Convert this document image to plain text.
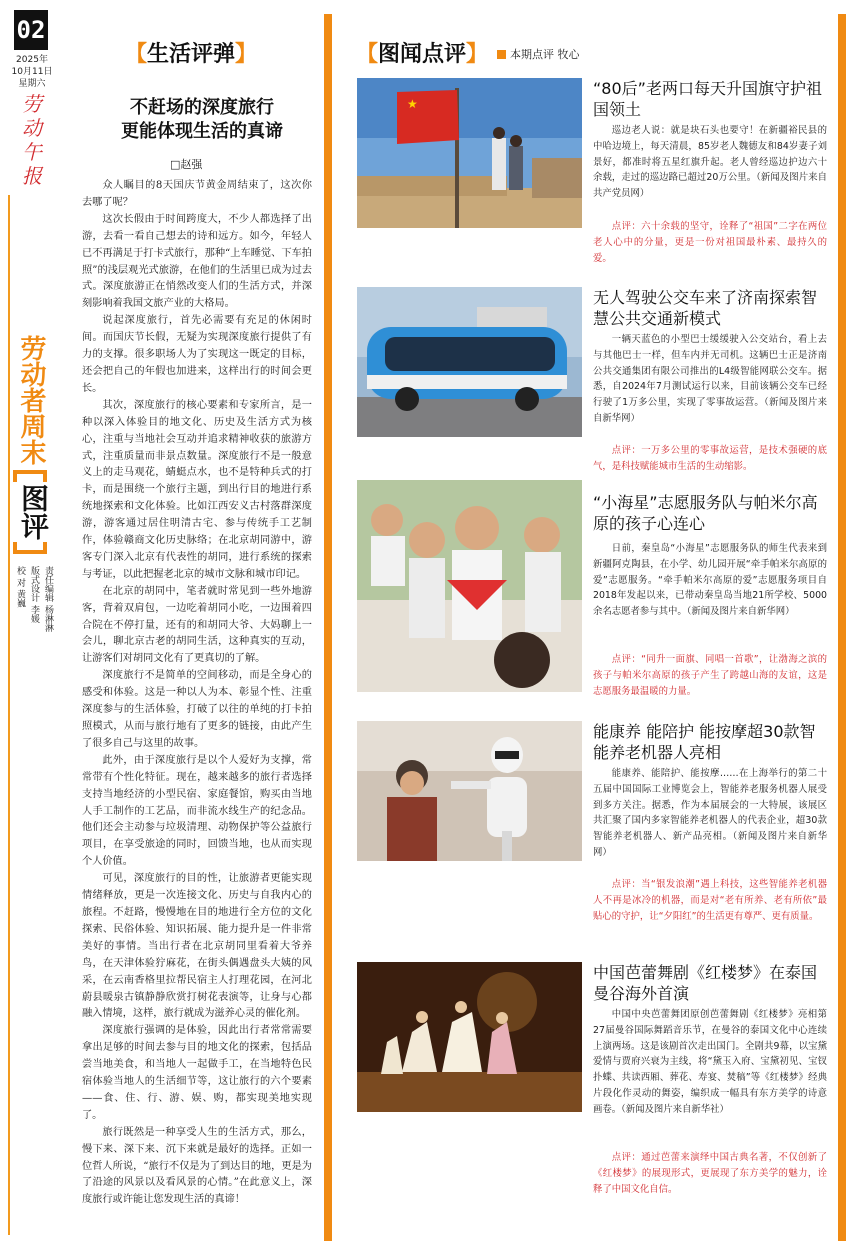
02
2025年
10月11日
星期六
劳
动
午
报
劳动者周末
图评
责任编辑 杨淋淋
版式设计 李媛
校 对 黄巍
【生活评弹】
不赶场的深度旅行
更能体现生活的真谛
□赵强

众人瞩目的8天国庆节黄金周结束了，这次你去哪了呢？

这次长假由于时间跨度大，不少人都选择了出游，去看一看自己想去的诗和远方。如今，年轻人已不再满足于打卡式旅行，那种“上车睡觉、下车拍照”的浅层观光式旅游，在他们的生活里已成为过去式。深度旅游正在悄然改变人们的生活方式，并深刻影响着我国文旅产业的大格局。

说起深度旅行，首先必需要有充足的休闲时间。而国庆节长假，无疑为实现深度旅行提供了有力的支撑。很多职场人为了实现这一既定的目标，还会把自己的年假也加进来，这样出行的时间会更长。

其次，深度旅行的核心要素和专家所言，是一种以深入体验目的地文化、历史及生活方式为核心，注重与当地社会互动并追求精神收获的旅游方式，注重质量而非景点数量。深度旅行不是一般意义上的走马观花，蜻蜓点水，也不是特种兵式的打卡，而是围绕一个旅行主题，到出行目的地进行系统地探索和文化体验。比如江西安义古村落群深度游，游客通过居住明清古宅、参与传统手工艺制作，体验赣商文化历史脉络；在北京胡同游中，游客专门深入北京有代表性的胡同，进行系统的探索与考证，以此把握老北京的城市文脉和城市印记。

在北京的胡同中，笔者就时常见到一些外地游客，背着双肩包，一边吃着胡同小吃，一边围着四合院在不停打量，还有的和胡同大爷、大妈聊上一会儿，聊北京古老的胡同生活，这种真实的互动，让游客们对胡同文化有了更真切的了解。

深度旅行不是简单的空间移动，而是全身心的感受和体验。这是一种以人为本、彰显个性、注重深度参与的生活体验，打破了以往的单纯的打卡拍照模式，从而与旅行地有了更多的链接，由此产生了很多自己与这里的故事。

此外，由于深度旅行是以个人爱好为支撑，常常带有个性化特征。现在，越来越多的旅行者选择支持当地经济的小型民宿、家庭餐馆，购买由当地人手工制作的工艺品，而非流水线生产的纪念品。他们还会主动参与垃圾清理、动物保护等公益旅行项目，在享受旅途的同时，回馈当地，也从而实现个人价值。

可见，深度旅行的目的性，让旅游者更能实现情绪释放，更是一次连接文化、历史与自我内心的旅程。不赶路，慢慢地在目的地进行全方位的文化探索、民俗体验、知识拓展、能力提升是一件非常美好的事情。当出行者在北京胡同里看着大爷养鸟，在天津体验狞麻花，在街头偶遇盘头大姨的风采，在云南香格里拉帮民宿主人打理花园，在河北蔚县暖泉古镇静静欣赏打树花表演等，让身与心都融入情境，这样，旅行就成为滋养心灵的催化剂。

深度旅行强调的是体验，因此出行者常常需要拿出足够的时间去参与目的地文化的探索，包括品尝当地美食，和当地人一起做手工，在当地特色民宿体验当地人的生活细节等，这让旅行的六个要素——食、住、行、游、娱、购，都实现美地实现了。

旅行既然是一种享受人生的生活方式，那么，慢下来、深下来、沉下来就是最好的选择。正如一位哲人所说，“旅行不仅是为了到达目的地，更是为了沿途的风景以及看风景的心情。”在此意义上，深度旅行或许能让您发现生活的真谛！

【图闻点评】 本期点评 牧心
★
“80后”老两口每天升国旗守护祖国领土

巡边老人说：就是块石头也要守！在新疆裕民县的中哈边境上，每天清晨，85岁老人魏德友和84岁妻子刘景好，都准时将五星红旗升起。老人曾经巡边护边六十余载，走过的巡边路已超过20万公里。（新闻及图片来自共产党员网）

点评：六十余载的坚守，诠释了“祖国”二字在两位老人心中的分量，更是一份对祖国最朴素、最持久的爱。
无人驾驶公交车来了济南探索智慧公共交通新模式

一辆天蓝色的小型巴士缓缓驶入公交站台，看上去与其他巴士一样，但车内并无司机。这辆巴士正是济南公共交通集团有限公司推出的L4级智能网联公交车。据悉，自2024年7月测试运行以来，目前该辆公交车已经行驶了1万多公里，实现了零事故运营。（新闻及图片来自新华网）

点评：一万多公里的零事故运营，是技术强硬的底气，是科技赋能城市生活的生动缩影。
“小海星”志愿服务队与帕米尔高原的孩子心连心

日前，秦皇岛“小海星”志愿服务队的师生代表来到新疆阿克陶县，在小学、幼儿园开展“牵手帕米尔高原的爱”志愿服务。“牵手帕米尔高原的爱”志愿服务项目自2018年发起以来，已带动秦皇岛当地21所学校、5000余名志愿者参与其中。（新闻及图片来自新华网）

点评：“同升一面旗、同唱一首歌”，让渤海之滨的孩子与帕米尔高原的孩子产生了跨越山海的友谊，这是志愿服务最温暖的力量。
能康养 能陪护 能按摩超30款智能养老机器人亮相

能康养、能陪护、能按摩……在上海举行的第二十五届中国国际工业博览会上，智能养老服务机器人展受到多方关注。据悉，作为本届展会的一大特展，该展区共汇聚了国内多家智能养老机器人的代表企业，超30款智能养老机器人、新产品亮相。（新闻及图片来自新华网）

点评：当“银发浪潮”遇上科技，这些智能养老机器人不再是冰冷的机器，而是对“老有所养、老有所依”最贴心的守护，让“夕阳红”的生活更有尊严、更有质量。
中国芭蕾舞剧《红楼梦》在泰国曼谷海外首演

中国中央芭蕾舞团原创芭蕾舞剧《红楼梦》亮相第27届曼谷国际舞蹈音乐节，在曼谷的泰国文化中心连续上演两场。这是该剧首次走出国门。全剧共9幕，以宝黛爱情与贾府兴衰为主线，将“黛玉入府、宝黛初见、宝钗扑蝶、共读西厢、葬花、寿宴、焚稿”等《红楼梦》经典片段化作灵动的舞姿，编织成一幅具有东方美学的诗意画卷。（新闻及图片来自新华社）

点评：通过芭蕾来演绎中国古典名著，不仅创新了《红楼梦》的展现形式，更展现了东方美学的魅力，诠释了中国文化自信。
